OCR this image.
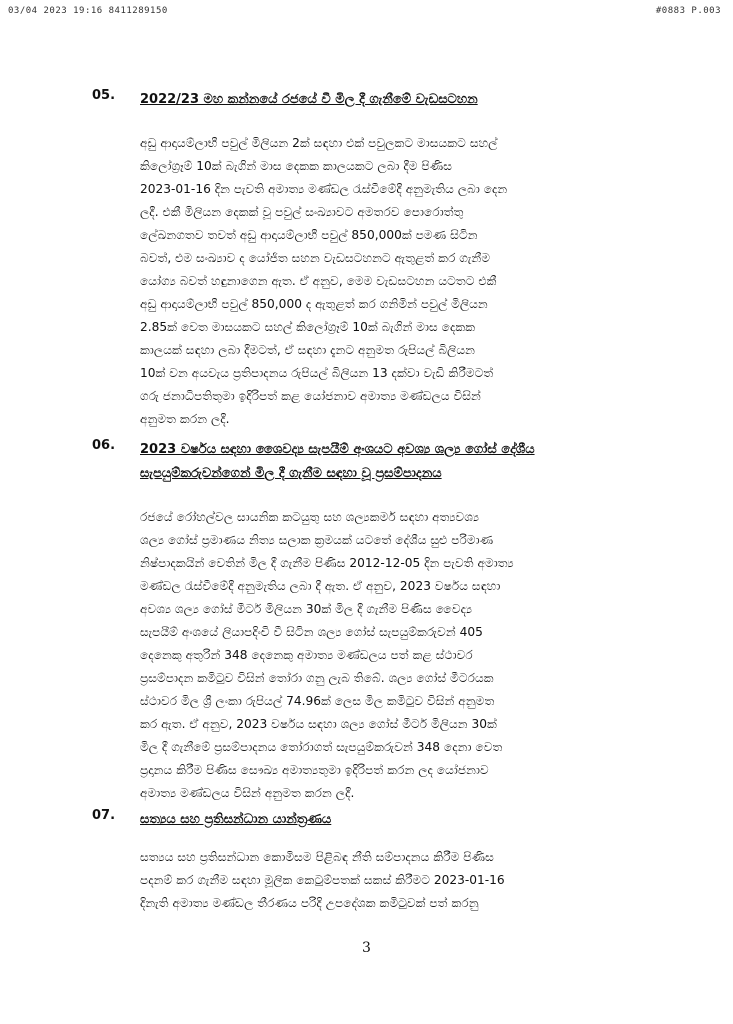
03/04 2023 19:16 8411289150	#0883 P.003
05.	2022/23 මහ කන්නයේ රජයේ වී මිල දී ගැනීමේ වැඩසටහන
අඩු ආදායම්ලාභී පවුල් මිලියන 2ක් සඳහා එක් පවුලකට මාසයකට සහල්
කිලෝග්‍රෑම් 10ක් බැගින් මාස දෙකක කාලයකට ලබා දීම පිණිස
2023-01-16 දින පැවති අමාත්‍ය මණ්ඩල රැස්වීමේදී අනුමැතිය ලබා දෙන
ලදී. එකී මිලියන දෙකක් වූ පවුල් සංඛ්‍යාවට අමතරව පොරොත්තු
ලේඛනගතව තවත් අඩු ආදායම්ලාභී පවුල් 850,000ක් පමණ සිටින
බවත්, එම සංඛ්‍යාව ද යෝජිත සහන වැඩසටහනට ඇතුළත් කර ගැනීම
යෝග්‍ය බවත් හඳුනාගෙන ඇත. ඒ අනුව, මෙම වැඩසටහන යටතට එකී
අඩු ආදායම්ලාභී පවුල් 850,000 ද ඇතුළත් කර ගනිමින් පවුල් මිලියන
2.85ක් වෙත මාසයකට සහල් කිලෝග්‍රෑම් 10ක් බැගින් මාස දෙකක
කාලයක් සඳහා ලබා දීමටත්, ඒ සඳහා දැනට අනුමත රුපියල් බිලියන
10ක් වන අයවැය ප්‍රතිපාදනය රුපියල් බිලියන 13 දක්වා වැඩි කිරීමටත්
ගරු ජනාධිපතිතුමා ඉදිරිපත් කළ යෝජනාව අමාත්‍ය මණ්ඩලය විසින්
අනුමත කරන ලදී.
06.	2023 වර්ෂය සඳහා ශෛවද්‍ය සැපයීම් අංශයට අවශ්‍ය ශල්‍ය ගෝස් දේශීය
සැපයුම්කරුවන්ගෙන් මිල දී ගැනීම සඳහා වූ ප්‍රසම්පාදනය
රජයේ රෝහල්වල සායනික කටයුතු සහ ශල්‍යකර්ම සඳහා අත්‍යවශ්‍ය
ශල්‍ය ගෝස් ප්‍රමාණය නිත්‍ය සලාක ක්‍රමයක් යටතේ දේශීය සුළු පරිමාණ
නිෂ්පාදකයින් වෙතින් මිල දී ගැනීම පිණිස 2012-12-05 දින පැවති අමාත්‍ය
මණ්ඩල රැස්වීමේදී අනුමැතිය ලබා දී ඇත. ඒ අනුව, 2023 වර්ෂය සඳහා
අවශ්‍ය ශල්‍ය ගෝස් මීටර් මිලියන 30ක් මිල දී ගැනීම පිණිස වෛද්‍ය
සැපයීම් අංශයේ ලියාපදිංචි වී සිටින ශල්‍ය ගෝස් සැපයුම්කරුවන් 405
දෙනෙකු අතුරින් 348 දෙනෙකු අමාත්‍ය මණ්ඩලය පත් කළ ස්ථාවර
ප්‍රසම්පාදන කමිටුව විසින් තෝරා ගනු ලැබ තිබේ. ශල්‍ය ගෝස් මීටරයක
ස්ථාවර මිල ශ්‍රී ලංකා රුපියල් 74.96ක් ලෙස මිල කමිටුව විසින් අනුමත
කර ඇත. ඒ අනුව, 2023 වර්ෂය සඳහා ශල්‍ය ගෝස් මීටර් මිලියන 30ක්
මිල දී ගැනීමේ ප්‍රසම්පාදනය තෝරාගත් සැපයුම්කරුවන් 348 දෙනා වෙත
ප්‍රදානය කිරීම පිණිස සෞඛ්‍ය අමාත්‍යතුමා ඉදිරිපත් කරන ලද යෝජනාව
අමාත්‍ය මණ්ඩලය විසින් අනුමත කරන ලදී.
07.	සත්‍යය සහ ප්‍රතිසන්ධාන යාන්ත්‍රණය
සත්‍යය සහ ප්‍රතිසන්ධාන කොමිසම පිළිබඳ නීති සම්පාදනය කිරීම පිණිස
පදනම් කර ගැනීම සඳහා මූලික කෙටුම්පතක් සකස් කිරීමට 2023-01-16
දිනැති අමාත්‍ය මණ්ඩල තීරණය පරිදි උපදේශක කමිටුවක් පත් කරනු
3
